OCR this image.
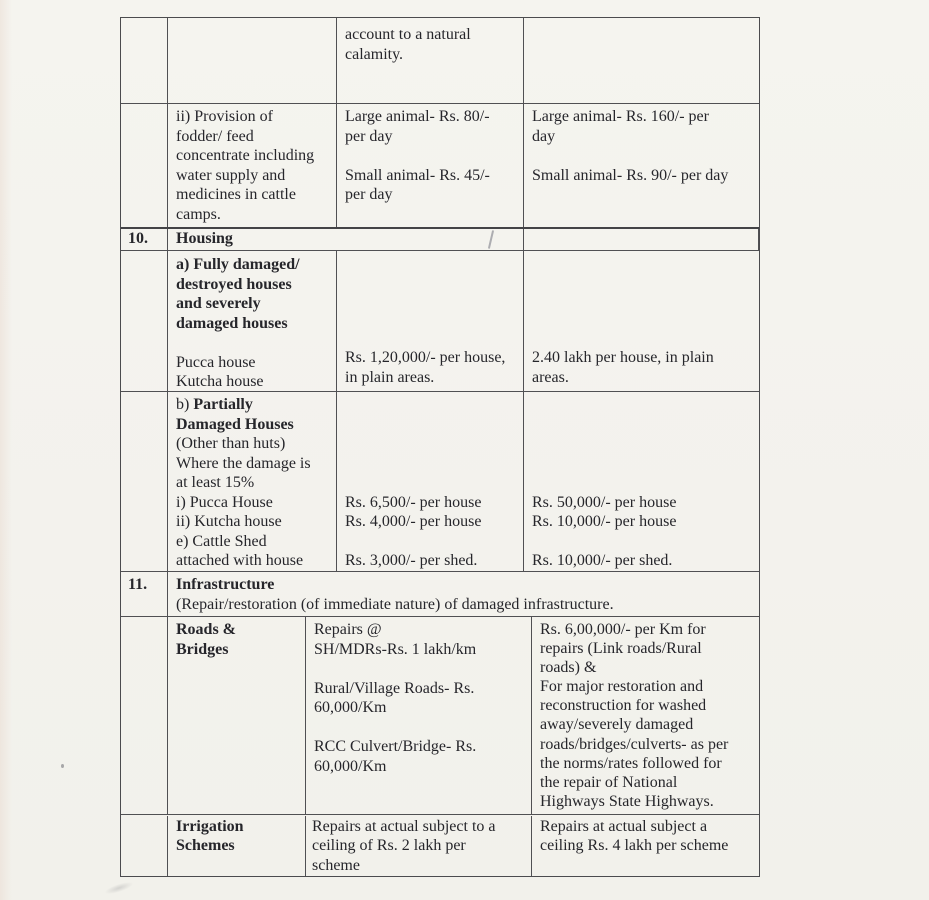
account to a natural
calamity.
ii) Provision of
fodder/ feed
concentrate including
water supply and
medicines in cattle
camps.
Large animal- Rs. 80/-
per day
Small animal- Rs. 45/-
per day
Large animal- Rs. 160/- per
day
Small animal- Rs. 90/- per day
10.	Housing
a) Fully damaged/
destroyed houses
and severely
damaged houses
Pucca house
Kutcha house
Rs. 1,20,000/- per house,
in plain areas.
2.40 lakh per house, in plain
areas.
b) Partially
Damaged Houses
(Other than huts)
Where the damage is
at least 15%
i) Pucca House
ii) Kutcha house
e) Cattle Shed
attached with house
Rs. 6,500/- per house
Rs. 4,000/- per house
Rs. 3,000/- per shed.
Rs. 50,000/- per house
Rs. 10,000/- per house
Rs. 10,000/- per shed.
11.	Infrastructure
(Repair/restoration (of immediate nature) of damaged infrastructure.
Roads &
Bridges
Repairs @
SH/MDRs-Rs. 1 lakh/km
Rural/Village Roads- Rs.
60,000/Km
RCC Culvert/Bridge- Rs.
60,000/Km
Rs. 6,00,000/- per Km for
repairs (Link roads/Rural
roads) &
For major restoration and
reconstruction for washed
away/severely damaged
roads/bridges/culverts- as per
the norms/rates followed for
the repair of National
Highways State Highways.
Irrigation
Schemes
Repairs at actual subject to a
ceiling of Rs. 2 lakh per
scheme
Repairs at actual subject a
ceiling Rs. 4 lakh per scheme
